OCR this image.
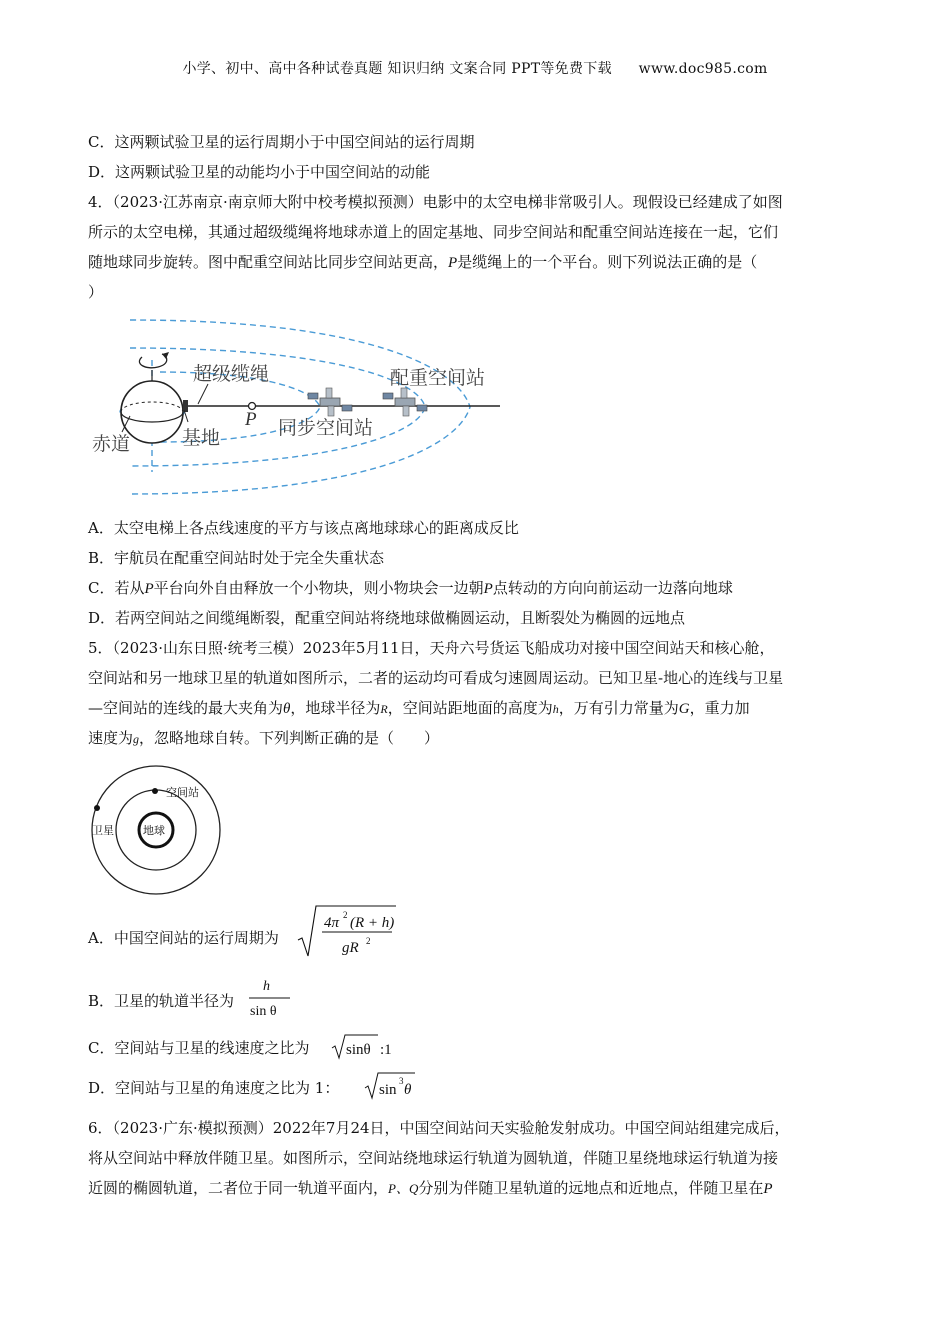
小学、初中、高中各种试卷真题 知识归纳 文案合同 PPT等免费下载 www.doc985.com
C．这两颗试验卫星的运行周期小于中国空间站的运行周期
D．这两颗试验卫星的动能均小于中国空间站的动能
4．（2023·江苏南京·南京师大附中校考模拟预测）电影中的太空电梯非常吸引人。现假设已经建成了如图
所示的太空电梯，其通过超级缆绳将地球赤道上的固定基地、同步空间站和配重空间站连接在一起，它们
随地球同步旋转。图中配重空间站比同步空间站更高，P是缆绳上的一个平台。则下列说法正确的是（
）
超级缆绳	配重空间站
赤道	基地	同步空间站
P
A．太空电梯上各点线速度的平方与该点离地球球心的距离成反比
B．宇航员在配重空间站时处于完全失重状态
C．若从P平台向外自由释放一个小物块，则小物块会一边朝P点转动的方向向前运动一边落向地球
D．若两空间站之间缆绳断裂，配重空间站将绕地球做椭圆运动，且断裂处为椭圆的远地点
5．（2023·山东日照·统考三模）2023年5月11日，天舟六号货运飞船成功对接中国空间站天和核心舱，
空间站和另一地球卫星的轨道如图所示，二者的运动均可看成匀速圆周运动。已知卫星-地心的连线与卫星
—空间站的连线的最大夹角为θ，地球半径为R，空间站距地面的高度为h，万有引力常量为G，重力加
速度为g，忽略地球自转。下列判断正确的是（　　）
空间站
卫星	地球
A．中国空间站的运行周期为
4π 2 (R + h)
gR 2
B．卫星的轨道半径为
h
sin θ
C．空间站与卫星的线速度之比为 sinθ :1
D．空间站与卫星的角速度之比为 1：	sin
3
θ
6．（2023·广东·模拟预测）2022年7月24日，中国空间站问天实验舱发射成功。中国空间站组建完成后，
将从空间站中释放伴随卫星。如图所示，空间站绕地球运行轨道为圆轨道，伴随卫星绕地球运行轨道为接
近圆的椭圆轨道，二者位于同一轨道平面内，P、Q分别为伴随卫星轨道的远地点和近地点，伴随卫星在P
